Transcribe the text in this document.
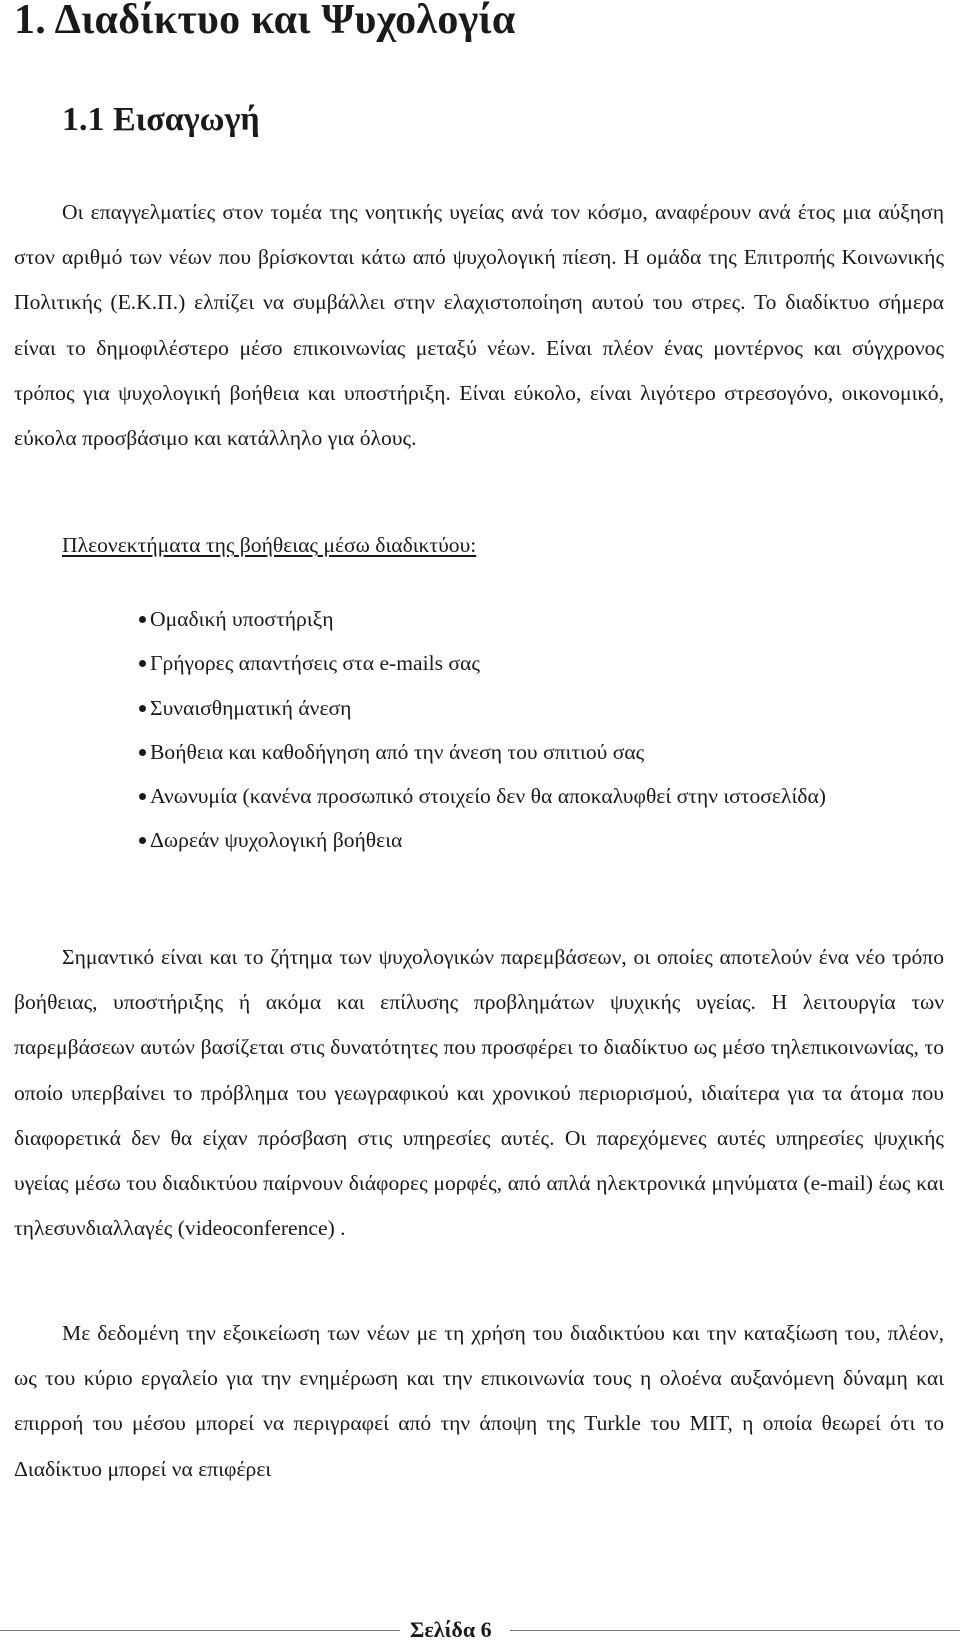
1. Διαδίκτυο και Ψυχολογία
1.1 Εισαγωγή

Οι επαγγελματίες στον τομέα της νοητικής υγείας ανά τον κόσμο, αναφέρουν ανά έτος μια αύξηση στον αριθμό των νέων που βρίσκονται κάτω από ψυχολογική πίεση. Η ομάδα της Επιτροπής Κοινωνικής Πολιτικής (Ε.Κ.Π.) ελπίζει να συμβάλλει στην ελαχιστοποίηση αυτού του στρες. Το διαδίκτυο σήμερα είναι το δημοφιλέστερο μέσο επικοινωνίας μεταξύ νέων. Είναι πλέον ένας μοντέρνος και σύγχρονος τρόπος για ψυχολογική βοήθεια και υποστήριξη. Είναι εύκολο, είναι λιγότερο στρεσογόνο, οικονομικό, εύκολα προσβάσιμο και κατάλληλο για όλους.

Πλεονεκτήματα της βοήθειας μέσω διαδικτύου:

Ομαδική υποστήριξη
Γρήγορες απαντήσεις στα e-mails σας
Συναισθηματική άνεση
Βοήθεια και καθοδήγηση από την άνεση του σπιτιού σας
Ανωνυμία (κανένα προσωπικό στοιχείο δεν θα αποκαλυφθεί στην ιστοσελίδα)
Δωρεάν ψυχολογική βοήθεια

Σημαντικό είναι και το ζήτημα των ψυχολογικών παρεμβάσεων, οι οποίες αποτελούν ένα νέο τρόπο βοήθειας, υποστήριξης ή ακόμα και επίλυσης προβλημάτων ψυχικής υγείας. Η λειτουργία των παρεμβάσεων αυτών βασίζεται στις δυνατότητες που προσφέρει το διαδίκτυο ως μέσο τηλεπικοινωνίας, το οποίο υπερβαίνει το πρόβλημα του γεωγραφικού και χρονικού περιορισμού, ιδιαίτερα για τα άτομα που διαφορετικά δεν θα είχαν πρόσβαση στις υπηρεσίες αυτές. Οι παρεχόμενες αυτές υπηρεσίες ψυχικής υγείας μέσω του διαδικτύου παίρνουν διάφορες μορφές, από απλά ηλεκτρονικά μηνύματα (e-mail) έως και τηλεσυνδιαλλαγές (videoconference) .

Με δεδομένη την εξοικείωση των νέων με τη χρήση του διαδικτύου και την καταξίωση του, πλέον, ως του κύριο εργαλείο για την ενημέρωση και την επικοινωνία τους η ολοένα αυξανόμενη δύναμη και επιρροή του μέσου μπορεί να περιγραφεί από την άποψη της Turkle του MIT, η οποία θεωρεί ότι το Διαδίκτυο μπορεί να επιφέρει

Σελίδα 6
